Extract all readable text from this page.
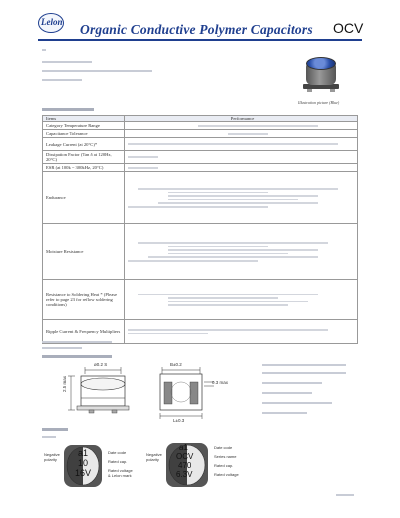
Lelon Organic Conductive Polymer Capacitors OCV
Illustration picture (Blue)
Items	Performance
Category Temperature Range	

Capacitance Tolerance	

Leakage Current (at 20°C)*	

Dissipation Factor (Tan δ at 120Hz, 20°C)	

ESR (at 100k ~ 300kHz, 20°C)	

Endurance	

Moisture Resistance	

Resistance to Soldering Heat * (Please refer to page 23 for reflow soldering conditions)	

Ripple Current & Frequency Multipliers	
ø0.2 S
2.5 max
B±0.2
0.3 max
L±0.3
a1
10
16V
Negative polarity
Date code
Rated cap.
Rated voltage
& Lelon mark
a1
OCV
470
6.3V
Negative polarity
Date code
Series name
Rated cap.
Rated voltage
